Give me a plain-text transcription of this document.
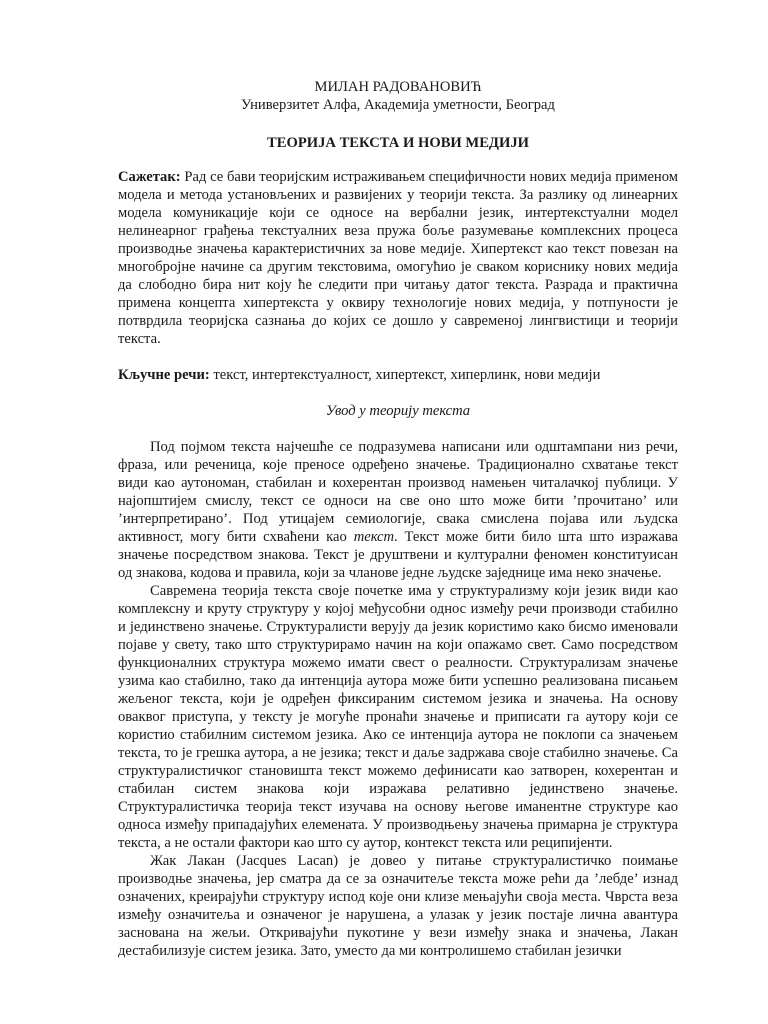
МИЛАН РАДОВАНОВИЋ
Универзитет Алфа, Академија уметности, Београд
ТЕОРИЈА ТЕКСТА И НОВИ МЕДИЈИ
Сажетак: Рад се бави теоријским истраживањем специфичности нових медија применом модела и метода установљених и развијених у теорији текста. За разлику од линеарних модела комуникације који се односе на вербални језик, интертекстуални модел нелинеарног грађења текстуалних веза пружа боље разумевање комплексних процеса производње значења карактеристичних за нове медије. Хипертекст као текст повезан на многобројне начине са другим текстовима, омогућио је сваком кориснику нових медија да слободно бира нит коју ће следити при читању датог текста. Разрада и практична примена концепта хипертекста у оквиру технологије нових медија, у потпуности је потврдила теоријска сазнања до којих се дошло у савременој лингвистици и теорији текста.
Кључне речи: текст, интертекстуалност, хипертекст, хиперлинк, нови медији
Увод у теорију текста

Под појмом текста најчешће се подразумева написани или одштампани низ речи, фраза, или реченица, које преносе одређено значење. Традиционално схватање текст види као аутономан, стабилан и кохерентан производ намењен читалачкој публици. У најопштијем смислу, текст се односи на све оно што може бити ’прочитано’ или ’интерпретирано’. Под утицајем семиологије, свака смислена појава или људска активност, могу бити схваћени као текст. Текст може бити било шта што изражава значење посредством знакова. Текст је друштвени и културални феномен конституисан од знакова, кодова и правила, који за чланове једне људске заједнице има неко значење.

Савремена теорија текста своје почетке има у структурализму који језик види као комплексну и круту структуру у којој међусобни однос између речи производи стабилно и јединствено значење. Структуралисти верују да језик користимо како бисмо именовали појаве у свету, тако што структурирамо начин на који опажамо свет. Само посредством функционалних структура можемо имати свест о реалности. Структурализам значење узима као стабилно, тако да интенција аутора може бити успешно реализована писањем жељеног текста, који је одређен фиксираним системом језика и значења. На основу оваквог приступа, у тексту је могуће пронаћи значење и приписати га аутору који се користио стабилним системом језика. Ако се интенција аутора не поклопи са значењем текста, то је грешка аутора, а не језика; текст и даље задржава своје стабилно значење. Са структуралистичког становишта текст можемо дефинисати као затворен, кохерентан и стабилан систем знакова који изражава релативно јединствено значење. Структуралистичка теорија текст изучава на основу његове иманентне структуре као односа између припадајућих елемената. У производњењу значења примарна је структура текста, а не остали фактори као што су аутор, контекст текста или реципијенти.

Жак Лакан (Jacques Lacan) је довео у питање структуралистичко поимање производње значења, јер сматра да се за означитеље текста може рећи да ’лебде’ изнад означених, креирајући структуру испод које они клизе мењајући своја места. Чврста веза између означитеља и означеног је нарушена, а улазак у језик постаје лична авантура заснована на жељи. Откривајући пукотине у вези између знака и значења, Лакан дестабилизује систем језика. Зато, уместо да ми контролишемо стабилан језички
